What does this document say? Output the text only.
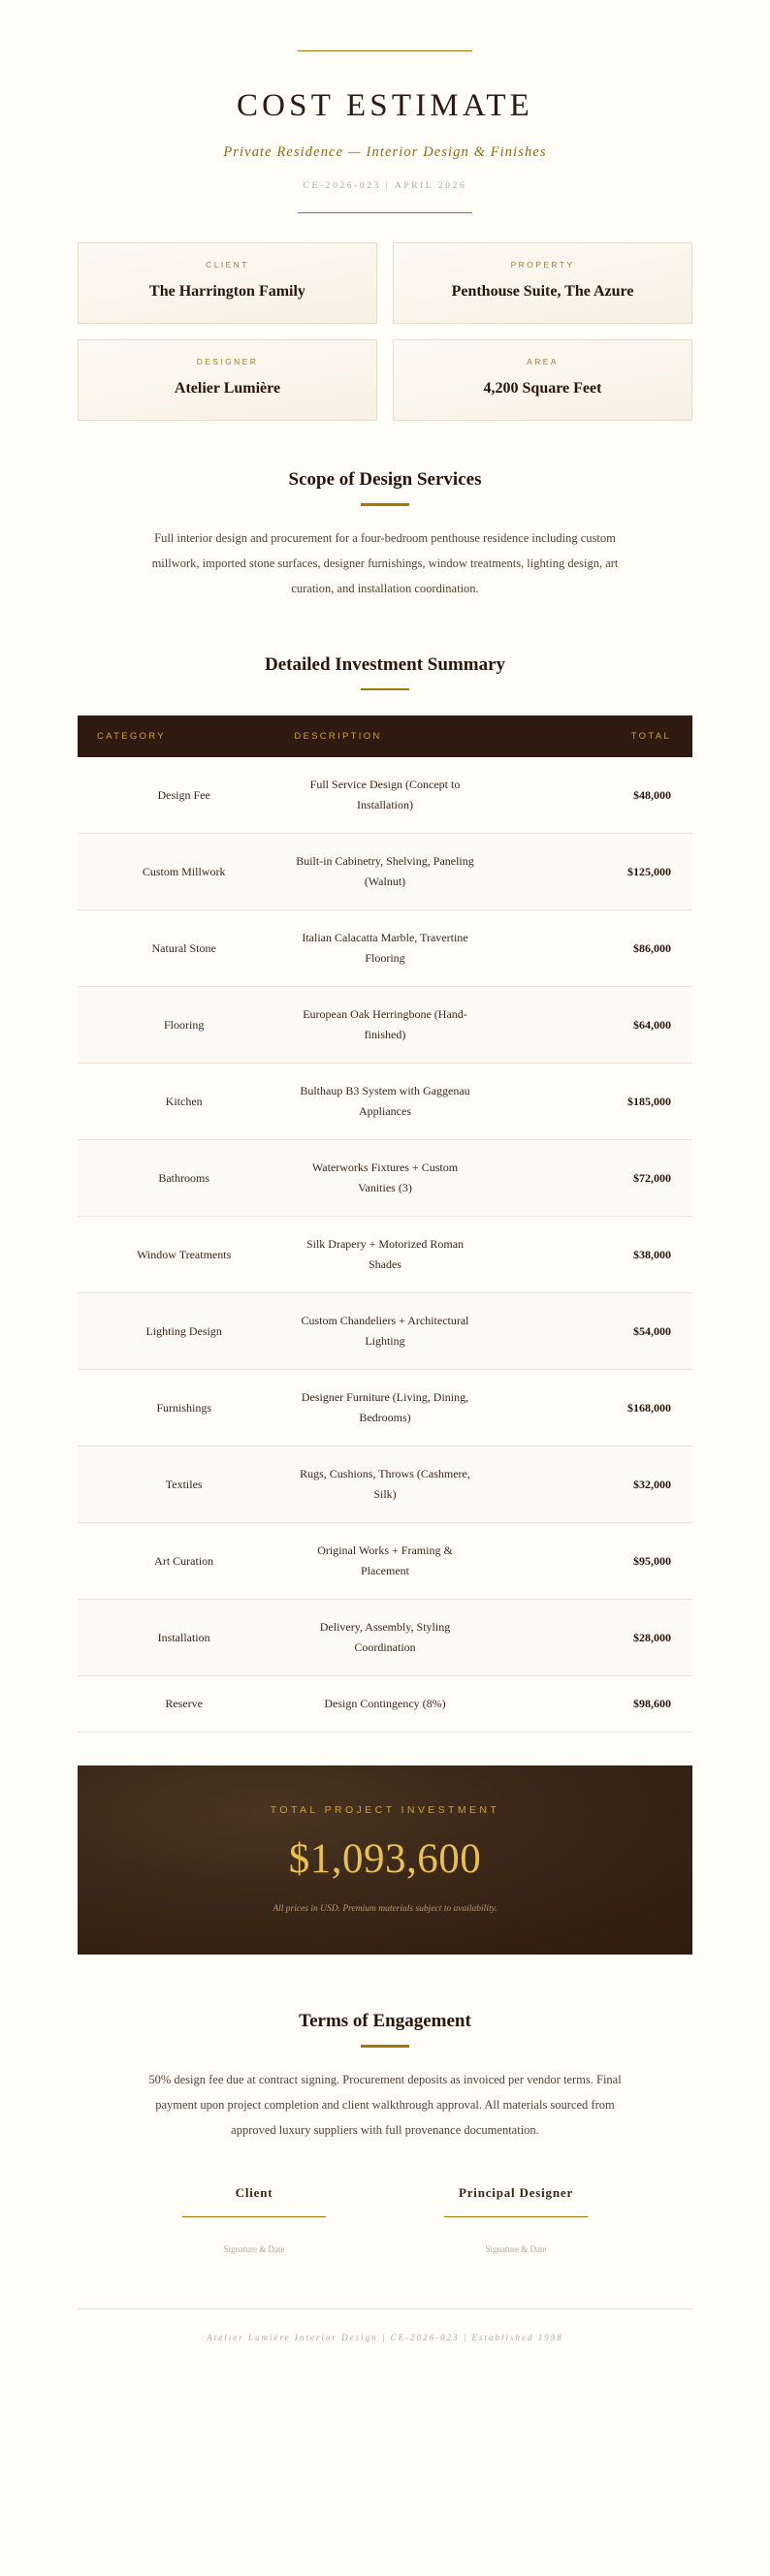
COST ESTIMATE
Private Residence — Interior Design & Finishes
CE-2026-023 | APRIL 2026
CLIENT
The Harrington Family
PROPERTY
Penthouse Suite, The Azure
DESIGNER
Atelier Lumière
AREA
4,200 Square Feet
Scope of Design Services

Full interior design and procurement for a four-bedroom penthouse residence including custom millwork, imported stone surfaces, designer furnishings, window treatments, lighting design, art curation, and installation coordination.

Detailed Investment Summary
CATEGORY	DESCRIPTION	TOTAL
Design Fee	Full Service Design (Concept to Installation)	$48,000
Custom Millwork	Built-in Cabinetry, Shelving, Paneling (Walnut)	$125,000
Natural Stone	Italian Calacatta Marble, Travertine Flooring	$86,000
Flooring	European Oak Herringbone (Hand-finished)	$64,000
Kitchen	Bulthaup B3 System with Gaggenau Appliances	$185,000
Bathrooms	Waterworks Fixtures + Custom Vanities (3)	$72,000
Window Treatments	Silk Drapery + Motorized Roman Shades	$38,000
Lighting Design	Custom Chandeliers + Architectural Lighting	$54,000
Furnishings	Designer Furniture (Living, Dining, Bedrooms)	$168,000
Textiles	Rugs, Cushions, Throws (Cashmere, Silk)	$32,000
Art Curation	Original Works + Framing & Placement	$95,000
Installation	Delivery, Assembly, Styling Coordination	$28,000
Reserve	Design Contingency (8%)	$98,600
TOTAL PROJECT INVESTMENT
$1,093,600
All prices in USD. Premium materials subject to availability.
Terms of Engagement

50% design fee due at contract signing. Procurement deposits as invoiced per vendor terms. Final payment upon project completion and client walkthrough approval. All materials sourced from approved luxury suppliers with full provenance documentation.

Client
Signature & Date
Principal Designer
Signature & Date
Atelier Lumière Interior Design | CE-2026-023 | Established 1998
